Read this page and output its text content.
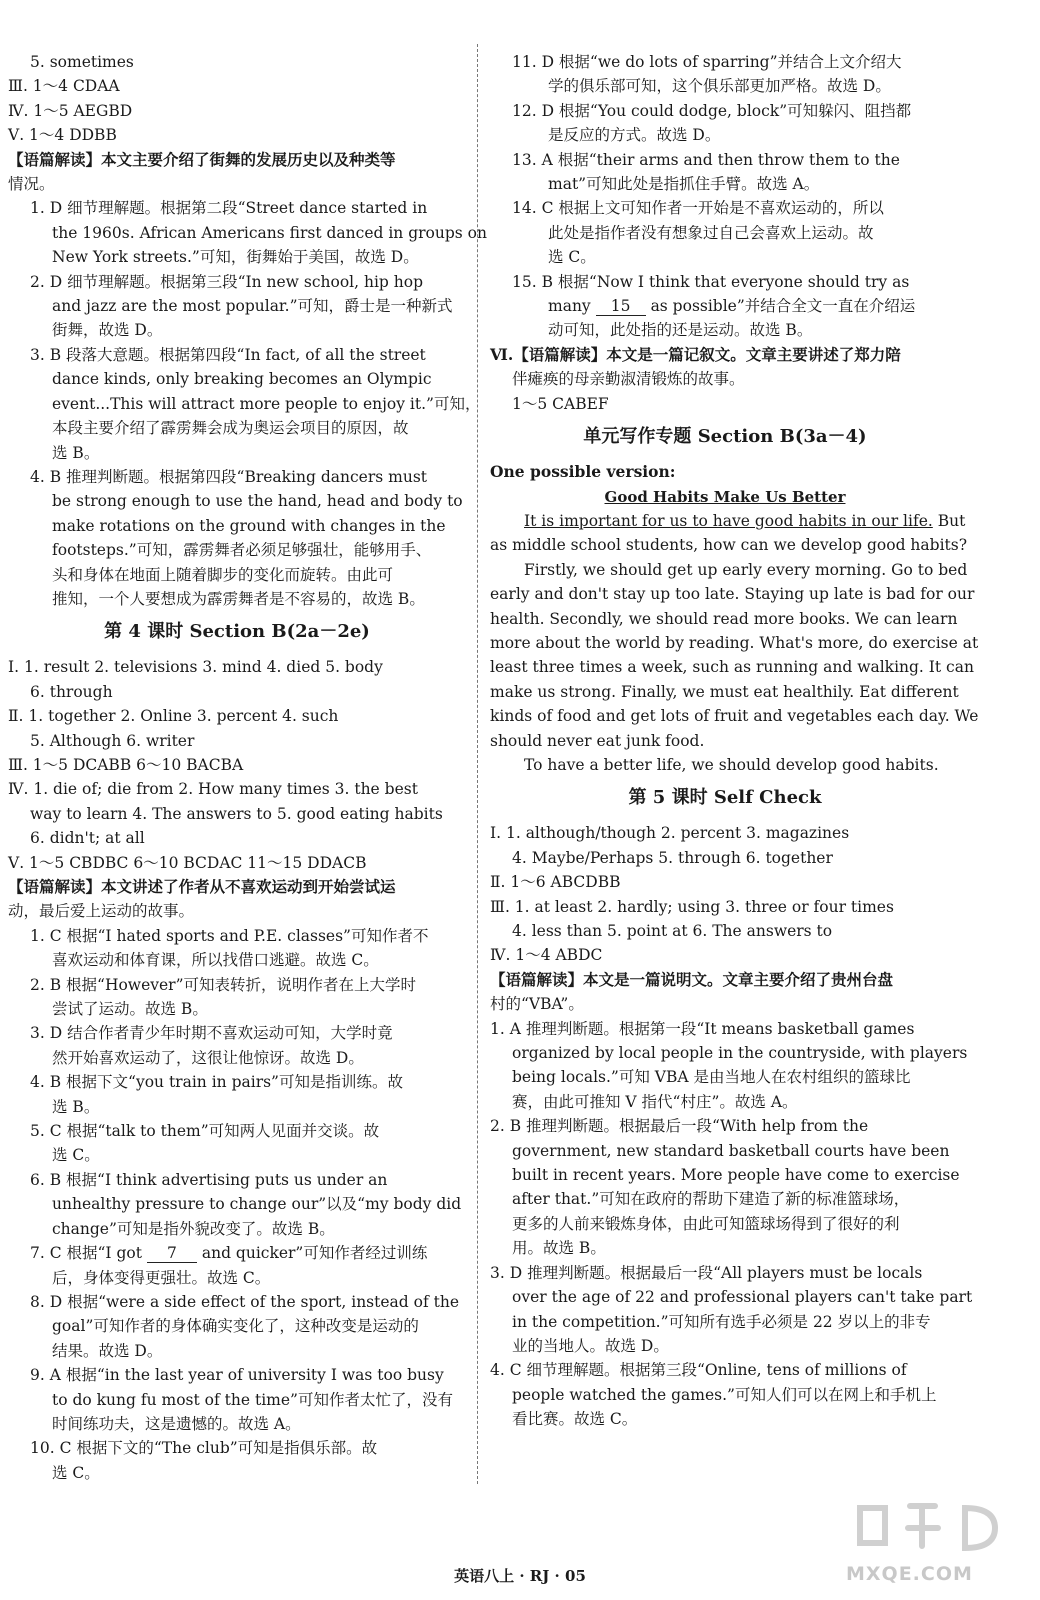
5. sometimes
Ⅲ. 1～4 CDAA
Ⅳ. 1～5 AEGBD
Ⅴ. 1～4 DDBB
【语篇解读】本文主要介绍了街舞的发展历史以及种类等
情况。
1. D 细节理解题。根据第二段“Street dance started in
the 1960s. African Americans first danced in groups on
New York streets.”可知，街舞始于美国，故选 D。
2. D 细节理解题。根据第三段“In new school, hip hop
and jazz are the most popular.”可知，爵士是一种新式
街舞，故选 D。
3. B 段落大意题。根据第四段“In fact, of all the street
dance kinds, only breaking becomes an Olympic
event...This will attract more people to enjoy it.”可知，
本段主要介绍了霹雳舞会成为奥运会项目的原因，故
选 B。
4. B 推理判断题。根据第四段“Breaking dancers must
be strong enough to use the hand, head and body to
make rotations on the ground with changes in the
footsteps.”可知，霹雳舞者必须足够强壮，能够用手、
头和身体在地面上随着脚步的变化而旋转。由此可
推知，一个人要想成为霹雳舞者是不容易的，故选 B。
第 4 课时 Section B(2a－2e)
Ⅰ. 1. result 2. televisions 3. mind 4. died 5. body
6. through
Ⅱ. 1. together 2. Online 3. percent 4. such
5. Although 6. writer
Ⅲ. 1～5 DCABB 6～10 BACBA
Ⅳ. 1. die of; die from 2. How many times 3. the best
way to learn 4. The answers to 5. good eating habits
6. didn't; at all
Ⅴ. 1～5 CBDBC 6～10 BCDAC 11～15 DDACB
【语篇解读】本文讲述了作者从不喜欢运动到开始尝试运
动，最后爱上运动的故事。
1. C 根据“I hated sports and P.E. classes”可知作者不
喜欢运动和体育课，所以找借口逃避。故选 C。
2. B 根据“However”可知表转折，说明作者在上大学时
尝试了运动。故选 B。
3. D 结合作者青少年时期不喜欢运动可知，大学时竟
然开始喜欢运动了，这很让他惊讶。故选 D。
4. B 根据下文“you train in pairs”可知是指训练。故
选 B。
5. C 根据“talk to them”可知两人见面并交谈。故
选 C。
6. B 根据“I think advertising puts us under an
unhealthy pressure to change our”以及“my body did
change”可知是指外貌改变了。故选 B。
7. C 根据“I got 7 and quicker”可知作者经过训练
后，身体变得更强壮。故选 C。
8. D 根据“were a side effect of the sport, instead of the
goal”可知作者的身体确实变化了，这种改变是运动的
结果。故选 D。
9. A 根据“in the last year of university I was too busy
to do kung fu most of the time”可知作者太忙了，没有
时间练功夫，这是遗憾的。故选 A。
10. C 根据下文的“The club”可知是指俱乐部。故
选 C。
11. D 根据“we do lots of sparring”并结合上文介绍大
学的俱乐部可知，这个俱乐部更加严格。故选 D。
12. D 根据“You could dodge, block”可知躲闪、阻挡都
是反应的方式。故选 D。
13. A 根据“their arms and then throw them to the
mat”可知此处是指抓住手臂。故选 A。
14. C 根据上文可知作者一开始是不喜欢运动的，所以
此处是指作者没有想象过自己会喜欢上运动。故
选 C。
15. B 根据“Now I think that everyone should try as
many 15 as possible”并结合全文一直在介绍运
动可知，此处指的还是运动。故选 B。
Ⅵ.【语篇解读】本文是一篇记叙文。文章主要讲述了郑力陪
伴瘫痪的母亲勤淑清锻炼的故事。
1～5 CABEF
单元写作专题 Section B(3a－4)
One possible version:
Good Habits Make Us Better
It is important for us to have good habits in our life. But
as middle school students, how can we develop good habits?
Firstly, we should get up early every morning. Go to bed
early and don't stay up too late. Staying up late is bad for our
health. Secondly, we should read more books. We can learn
more about the world by reading. What's more, do exercise at
least three times a week, such as running and walking. It can
make us strong. Finally, we must eat healthily. Eat different
kinds of food and get lots of fruit and vegetables each day. We
should never eat junk food.
To have a better life, we should develop good habits.
第 5 课时 Self Check
Ⅰ. 1. although/though 2. percent 3. magazines
4. Maybe/Perhaps 5. through 6. together
Ⅱ. 1～6 ABCDBB
Ⅲ. 1. at least 2. hardly; using 3. three or four times
4. less than 5. point at 6. The answers to
Ⅳ. 1～4 ABDC
【语篇解读】本文是一篇说明文。文章主要介绍了贵州台盘
村的“VBA”。
1. A 推理判断题。根据第一段“It means basketball games
organized by local people in the countryside, with players
being locals.”可知 VBA 是由当地人在农村组织的篮球比
赛，由此可推知 V 指代“村庄”。故选 A。
2. B 推理判断题。根据最后一段“With help from the
government, new standard basketball courts have been
built in recent years. More people have come to exercise
after that.”可知在政府的帮助下建造了新的标准篮球场，
更多的人前来锻炼身体，由此可知篮球场得到了很好的利
用。故选 B。
3. D 推理判断题。根据最后一段“All players must be locals
over the age of 22 and professional players can't take part
in the competition.”可知所有选手必须是 22 岁以上的非专
业的当地人。故选 D。
4. C 细节理解题。根据第三段“Online, tens of millions of
people watched the games.”可知人们可以在网上和手机上
看比赛。故选 C。
英语八上 · RJ · 05	MXQE.COM
